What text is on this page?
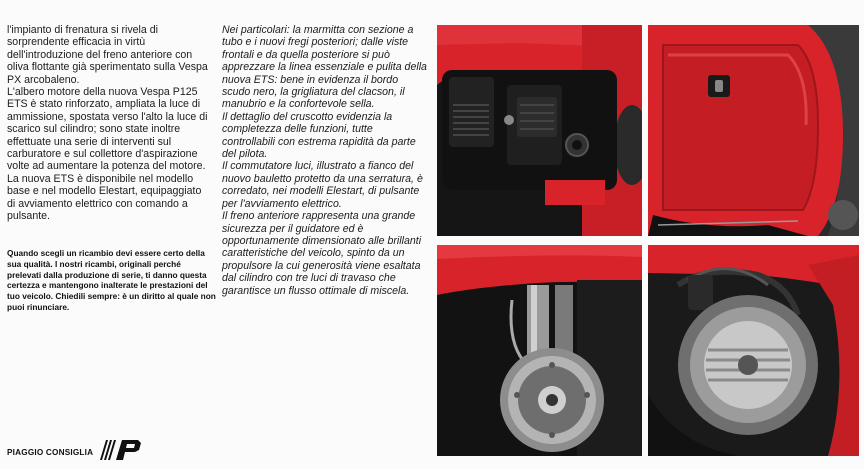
l'impianto di frenatura si rivela di sorprendente efficacia in virtù dell'introduzione del freno anteriore con oliva flottante già sperimentato sulla Vespa PX arcobaleno.

L'albero motore della nuova Vespa P125 ETS è stato rinforzato, ampliata la luce di ammissione, spostata verso l'alto la luce di scarico sul cilindro; sono state inoltre effettuate una serie di interventi sul carburatore e sul collettore d'aspirazione volte ad aumentare la potenza del motore.

La nuova ETS è disponibile nel modello base e nel modello Elestart, equipaggiato di avviamento elettrico con comando a pulsante.

Nei particolari: la marmitta con sezione a tubo e i nuovi fregi posteriori; dalle viste frontali e da quella posteriore si può apprezzare la linea essenziale e pulita della nuova ETS: bene in evidenza il bordo scudo nero, la grigliatura del clacson, il manubrio e la confortevole sella.

Il dettaglio del cruscotto evidenzia la completezza delle funzioni, tutte controllabili con estrema rapidità da parte del pilota.

Il commutatore luci, illustrato a fianco del nuovo bauletto protetto da una serratura, è corredato, nei modelli Elestart, di pulsante per l'avviamento elettrico.

Il freno anteriore rappresenta una grande sicurezza per il guidatore ed è opportunamente dimensionato alle brillanti caratteristiche del veicolo, spinto da un propulsore la cui generosità viene esaltata dal cilindro con tre luci di travaso che garantisce un flusso ottimale di miscela.

Quando scegli un ricambio devi essere certo della sua qualità. I nostri ricambi, originali perché prelevati dalla produzione di serie, ti danno questa certezza e mantengono inalterate le prestazioni del tuo veicolo. Chiedili sempre: è un diritto al quale non puoi rinunciare.
PIAGGIO CONSIGLIA
